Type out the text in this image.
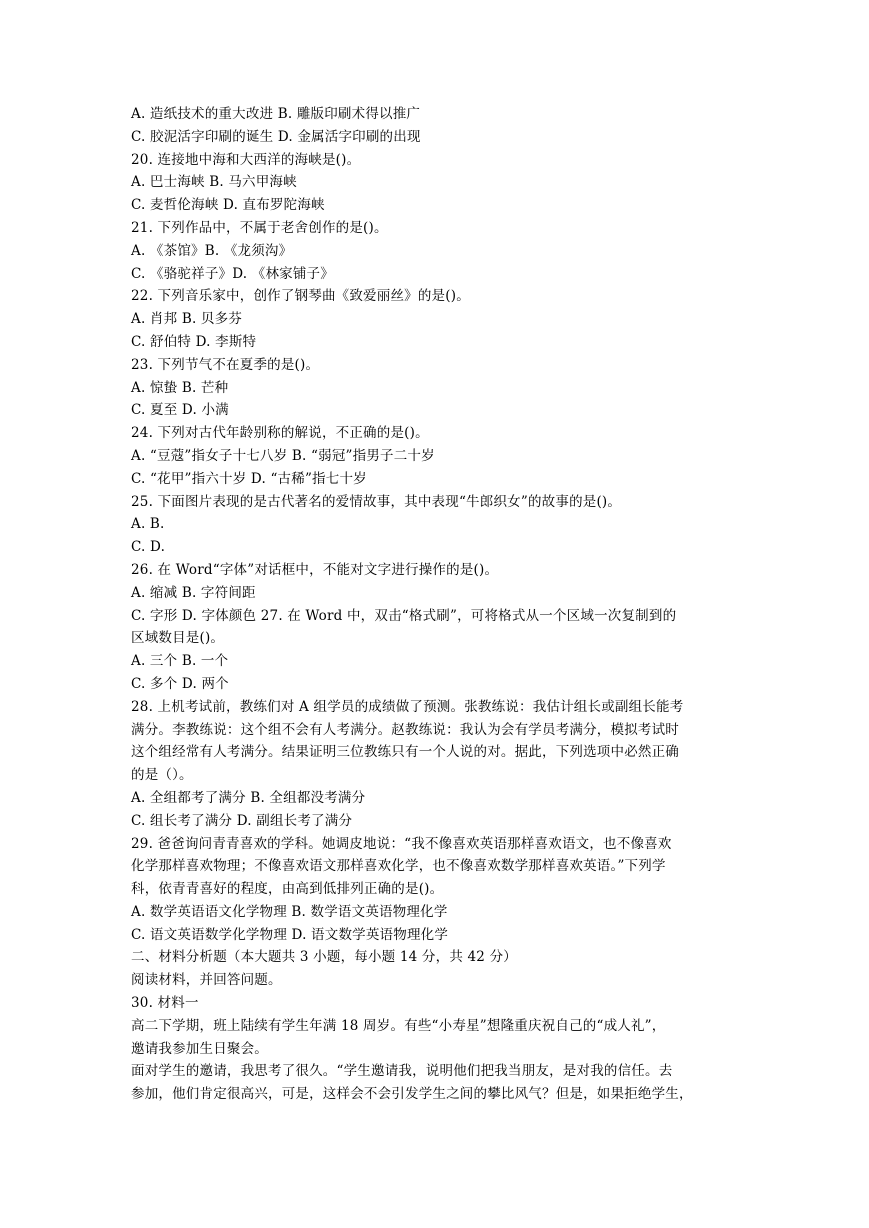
A. 造纸技术的重大改进 B. 雕版印刷术得以推广
C. 胶泥活字印刷的诞生 D. 金属活字印刷的出现
20. 连接地中海和大西洋的海峡是()。
A. 巴士海峡 B. 马六甲海峡
C. 麦哲伦海峡 D. 直布罗陀海峡
21. 下列作品中，不属于老舍创作的是()。
A. 《茶馆》B. 《龙须沟》
C. 《骆驼祥子》D. 《林家铺子》
22. 下列音乐家中，创作了钢琴曲《致爱丽丝》的是()。
A. 肖邦 B. 贝多芬
C. 舒伯特 D. 李斯特
23. 下列节气不在夏季的是()。
A. 惊蛰 B. 芒种
C. 夏至 D. 小满
24. 下列对古代年龄别称的解说，不正确的是()。
A. “豆蔻”指女子十七八岁 B. “弱冠”指男子二十岁
C. “花甲”指六十岁 D. “古稀”指七十岁
25. 下面图片表现的是古代著名的爱情故事，其中表现“牛郎织女”的故事的是()。
A. B.
C. D.
26. 在 Word“字体”对话框中，不能对文字进行操作的是()。
A. 缩减 B. 字符间距
C. 字形 D. 字体颜色 27. 在 Word 中，双击“格式刷”，可将格式从一个区域一次复制到的
区域数目是()。
A. 三个 B. 一个
C. 多个 D. 两个
28. 上机考试前，教练们对 A 组学员的成绩做了预测。张教练说：我估计组长或副组长能考
满分。李教练说：这个组不会有人考满分。赵教练说：我认为会有学员考满分，模拟考试时
这个组经常有人考满分。结果证明三位教练只有一个人说的对。据此，下列选项中必然正确
的是（）。
A. 全组都考了满分 B. 全组都没考满分
C. 组长考了满分 D. 副组长考了满分
29. 爸爸询问青青喜欢的学科。她调皮地说：“我不像喜欢英语那样喜欢语文，也不像喜欢
化学那样喜欢物理；不像喜欢语文那样喜欢化学，也不像喜欢数学那样喜欢英语。”下列学
科，依青青喜好的程度，由高到低排列正确的是()。
A. 数学英语语文化学物理 B. 数学语文英语物理化学
C. 语文英语数学化学物理 D. 语文数学英语物理化学
二、材料分析题（本大题共 3 小题，每小题 14 分，共 42 分）
阅读材料，并回答问题。
30. 材料一
高二下学期，班上陆续有学生年满 18 周岁。有些“小寿星”想隆重庆祝自己的“成人礼”，
邀请我参加生日聚会。
面对学生的邀请，我思考了很久。“学生邀请我，说明他们把我当朋友，是对我的信任。去
参加，他们肯定很高兴，可是，这样会不会引发学生之间的攀比风气？但是，如果拒绝学生，
